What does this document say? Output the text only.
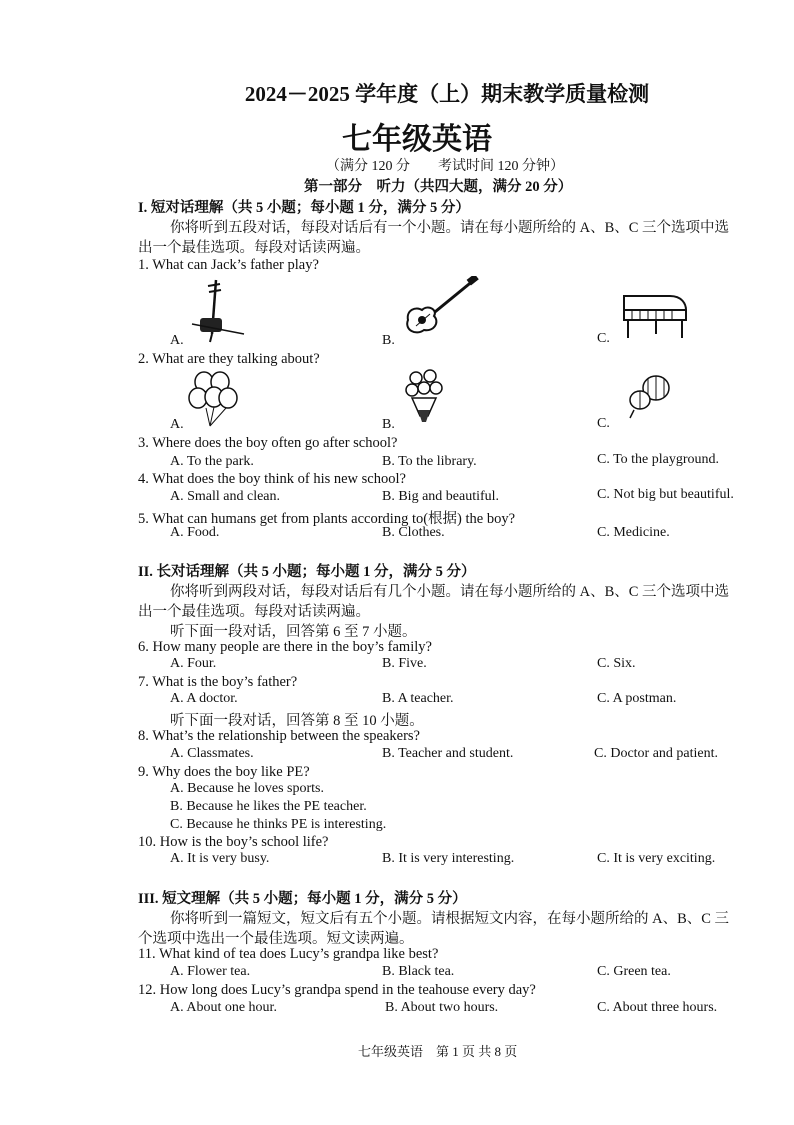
2024－2025 学年度（上）期末教学质量检测
七年级英语
（满分 120 分　　考试时间 120 分钟）
第一部分　听力（共四大题，满分 20 分）
I. 短对话理解（共 5 小题；每小题 1 分，满分 5 分）
你将听到五段对话，每段对话后有一个小题。请在每小题所给的 A、B、C 三个选项中选
出一个最佳选项。每段对话读两遍。
1. What can Jack’s father play?
A.	B.	C.
2. What are they talking about?
A.	B.	C.
3. Where does the boy often go after school?
A. To the park.	B. To the library.	C. To the playground.
4. What does the boy think of his new school?
A. Small and clean.	B. Big and beautiful.	C. Not big but beautiful.
5. What can humans get from plants according to(根据) the boy?
A. Food.	B. Clothes.	C. Medicine.
II. 长对话理解（共 5 小题；每小题 1 分，满分 5 分）
你将听到两段对话，每段对话后有几个小题。请在每小题所给的 A、B、C 三个选项中选
出一个最佳选项。每段对话读两遍。
听下面一段对话，回答第 6 至 7 小题。
6. How many people are there in the boy’s family?
A. Four.	B. Five.	C. Six.
7. What is the boy’s father?
A. A doctor.	B. A teacher.	C. A postman.
听下面一段对话，回答第 8 至 10 小题。
8. What’s the relationship between the speakers?
A. Classmates.	B. Teacher and student.	C. Doctor and patient.
9. Why does the boy like PE?
A. Because he loves sports.
B. Because he likes the PE teacher.
C. Because he thinks PE is interesting.
10. How is the boy’s school life?
A. It is very busy.	B. It is very interesting.	C. It is very exciting.
III. 短文理解（共 5 小题；每小题 1 分，满分 5 分）
你将听到一篇短文，短文后有五个小题。请根据短文内容，在每小题所给的 A、B、C 三
个选项中选出一个最佳选项。短文读两遍。
11. What kind of tea does Lucy’s grandpa like best?
A. Flower tea.	B. Black tea.	C. Green tea.
12. How long does Lucy’s grandpa spend in the teahouse every day?
A. About one hour.	B. About two hours.	C. About three hours.
七年级英语　第 1 页 共 8 页
